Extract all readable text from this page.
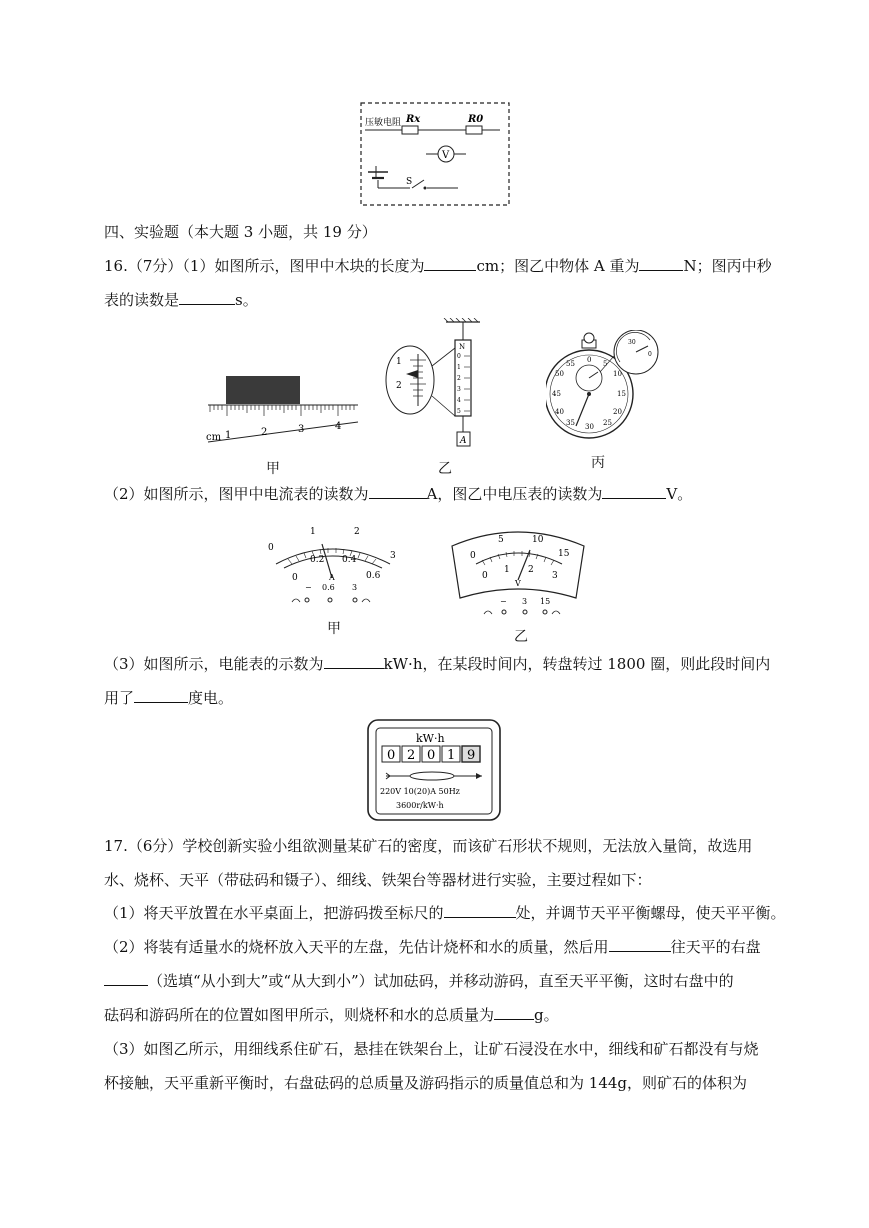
压敏电阻 Rx	R0
V
S
四、实验题（本大题 3 小题，共 19 分）
16.（7分）（1）如图所示，图甲中木块的长度为	cm；图乙中物体 A 重为	N；图丙中秒
表的读数是	s。
cm 1	2	3	4
甲
N
0
1
2
3
4
5
A
1
2
乙
0 5
10
15
20
25
30
35
40
45
50
55
30
0
丙
（2）如图所示，图甲中电流表的读数为	A，图乙中电压表的读数为	V。
0
1	2
3
0
0.2 0.4
0.6
A
− 0.6 3
甲
0
5	10
15
0
1 2
3
V
− 3 15
乙
（3）如图所示，电能表的示数为	kW·h，在某段时间内，转盘转过 1800 圈，则此段时间内
用了	度电。
kW·h
0 2 0 1 9
220V 10(20)A 50Hz
3600r/kW·h
17.（6分）学校创新实验小组欲测量某矿石的密度，而该矿石形状不规则，无法放入量筒，故选用
水、烧杯、天平（带砝码和镊子）、细线、铁架台等器材进行实验，主要过程如下：
（1）将天平放置在水平桌面上，把游码拨至标尺的	处，并调节天平平衡螺母，使天平平衡。
（2）将装有适量水的烧杯放入天平的左盘，先估计烧杯和水的质量，然后用	往天平的右盘
（选填“从小到大”或“从大到小”）试加砝码，并移动游码，直至天平平衡，这时右盘中的
砝码和游码所在的位置如图甲所示，则烧杯和水的总质量为	g。
（3）如图乙所示，用细线系住矿石，悬挂在铁架台上，让矿石浸没在水中，细线和矿石都没有与烧
杯接触，天平重新平衡时，右盘砝码的总质量及游码指示的质量值总和为 144g，则矿石的体积为
